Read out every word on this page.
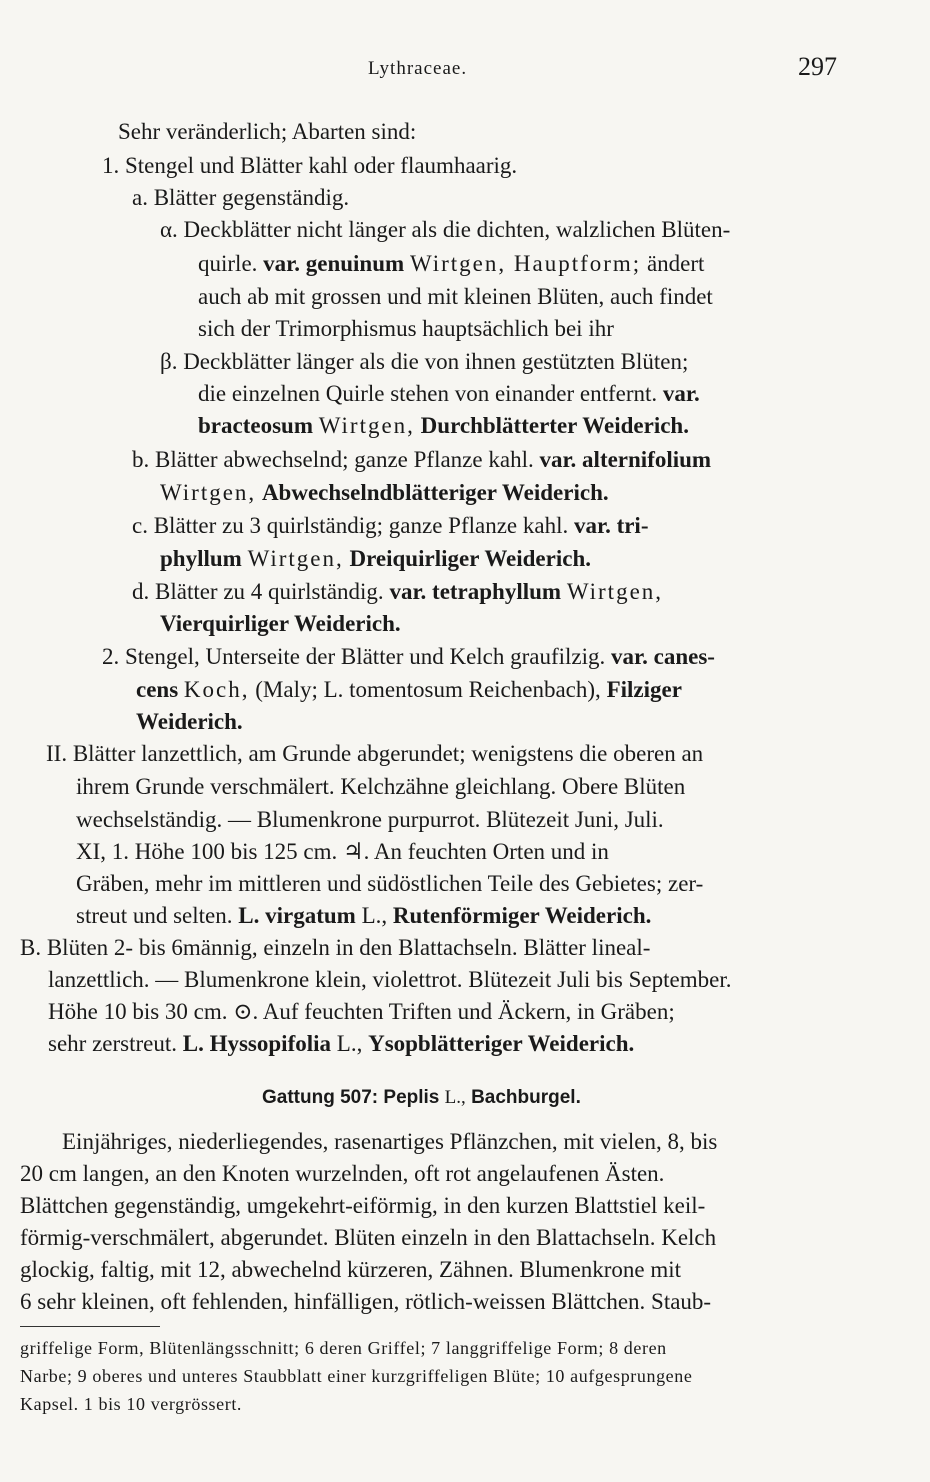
Lythraceae.	297
Sehr veränderlich; Abarten sind:
1. Stengel und Blätter kahl oder flaumhaarig.
a. Blätter gegenständig.
α. Deckblätter nicht länger als die dichten, walzlichen Blüten-
quirle. var. genuinum Wirtgen, Hauptform; ändert
auch ab mit grossen und mit kleinen Blüten, auch findet
sich der Trimorphismus hauptsächlich bei ihr
β. Deckblätter länger als die von ihnen gestützten Blüten;
die einzelnen Quirle stehen von einander entfernt. var.
bracteosum Wirtgen, Durchblätterter Weiderich.
b. Blätter abwechselnd; ganze Pflanze kahl. var. alternifolium
Wirtgen, Abwechselndblätteriger Weiderich.
c. Blätter zu 3 quirlständig; ganze Pflanze kahl. var. tri-
phyllum Wirtgen, Dreiquirliger Weiderich.
d. Blätter zu 4 quirlständig. var. tetraphyllum Wirtgen,
Vierquirliger Weiderich.
2. Stengel, Unterseite der Blätter und Kelch graufilzig. var. canes-
cens Koch, (Maly; L. tomentosum Reichenbach), Filziger
Weiderich.
II. Blätter lanzettlich, am Grunde abgerundet; wenigstens die oberen an
ihrem Grunde verschmälert. Kelchzähne gleichlang. Obere Blüten
wechselständig. — Blumenkrone purpurrot. Blütezeit Juni, Juli.
XI, 1. Höhe 100 bis 125 cm. ♃. An feuchten Orten und in
Gräben, mehr im mittleren und südöstlichen Teile des Gebietes; zer-
streut und selten. L. virgatum L., Rutenförmiger Weiderich.
B. Blüten 2- bis 6männig, einzeln in den Blattachseln. Blätter lineal-
lanzettlich. — Blumenkrone klein, violettrot. Blütezeit Juli bis September.
Höhe 10 bis 30 cm. ⊙. Auf feuchten Triften und Äckern, in Gräben;
sehr zerstreut. L. Hyssopifolia L., Ysopblätteriger Weiderich.
Gattung 507: Peplis L., Bachburgel.
Einjähriges, niederliegendes, rasenartiges Pflänzchen, mit vielen, 8, bis
20 cm langen, an den Knoten wurzelnden, oft rot angelaufenen Ästen.
Blättchen gegenständig, umgekehrt-eiförmig, in den kurzen Blattstiel keil-
förmig-verschmälert, abgerundet. Blüten einzeln in den Blattachseln. Kelch
glockig, faltig, mit 12, abwechelnd kürzeren, Zähnen. Blumenkrone mit
6 sehr kleinen, oft fehlenden, hinfälligen, rötlich-weissen Blättchen. Staub-
griffelige Form, Blütenlängsschnitt; 6 deren Griffel; 7 langgriffelige Form; 8 deren
Narbe; 9 oberes und unteres Staubblatt einer kurzgriffeligen Blüte; 10 aufgesprungene
Kapsel. 1 bis 10 vergrössert.
